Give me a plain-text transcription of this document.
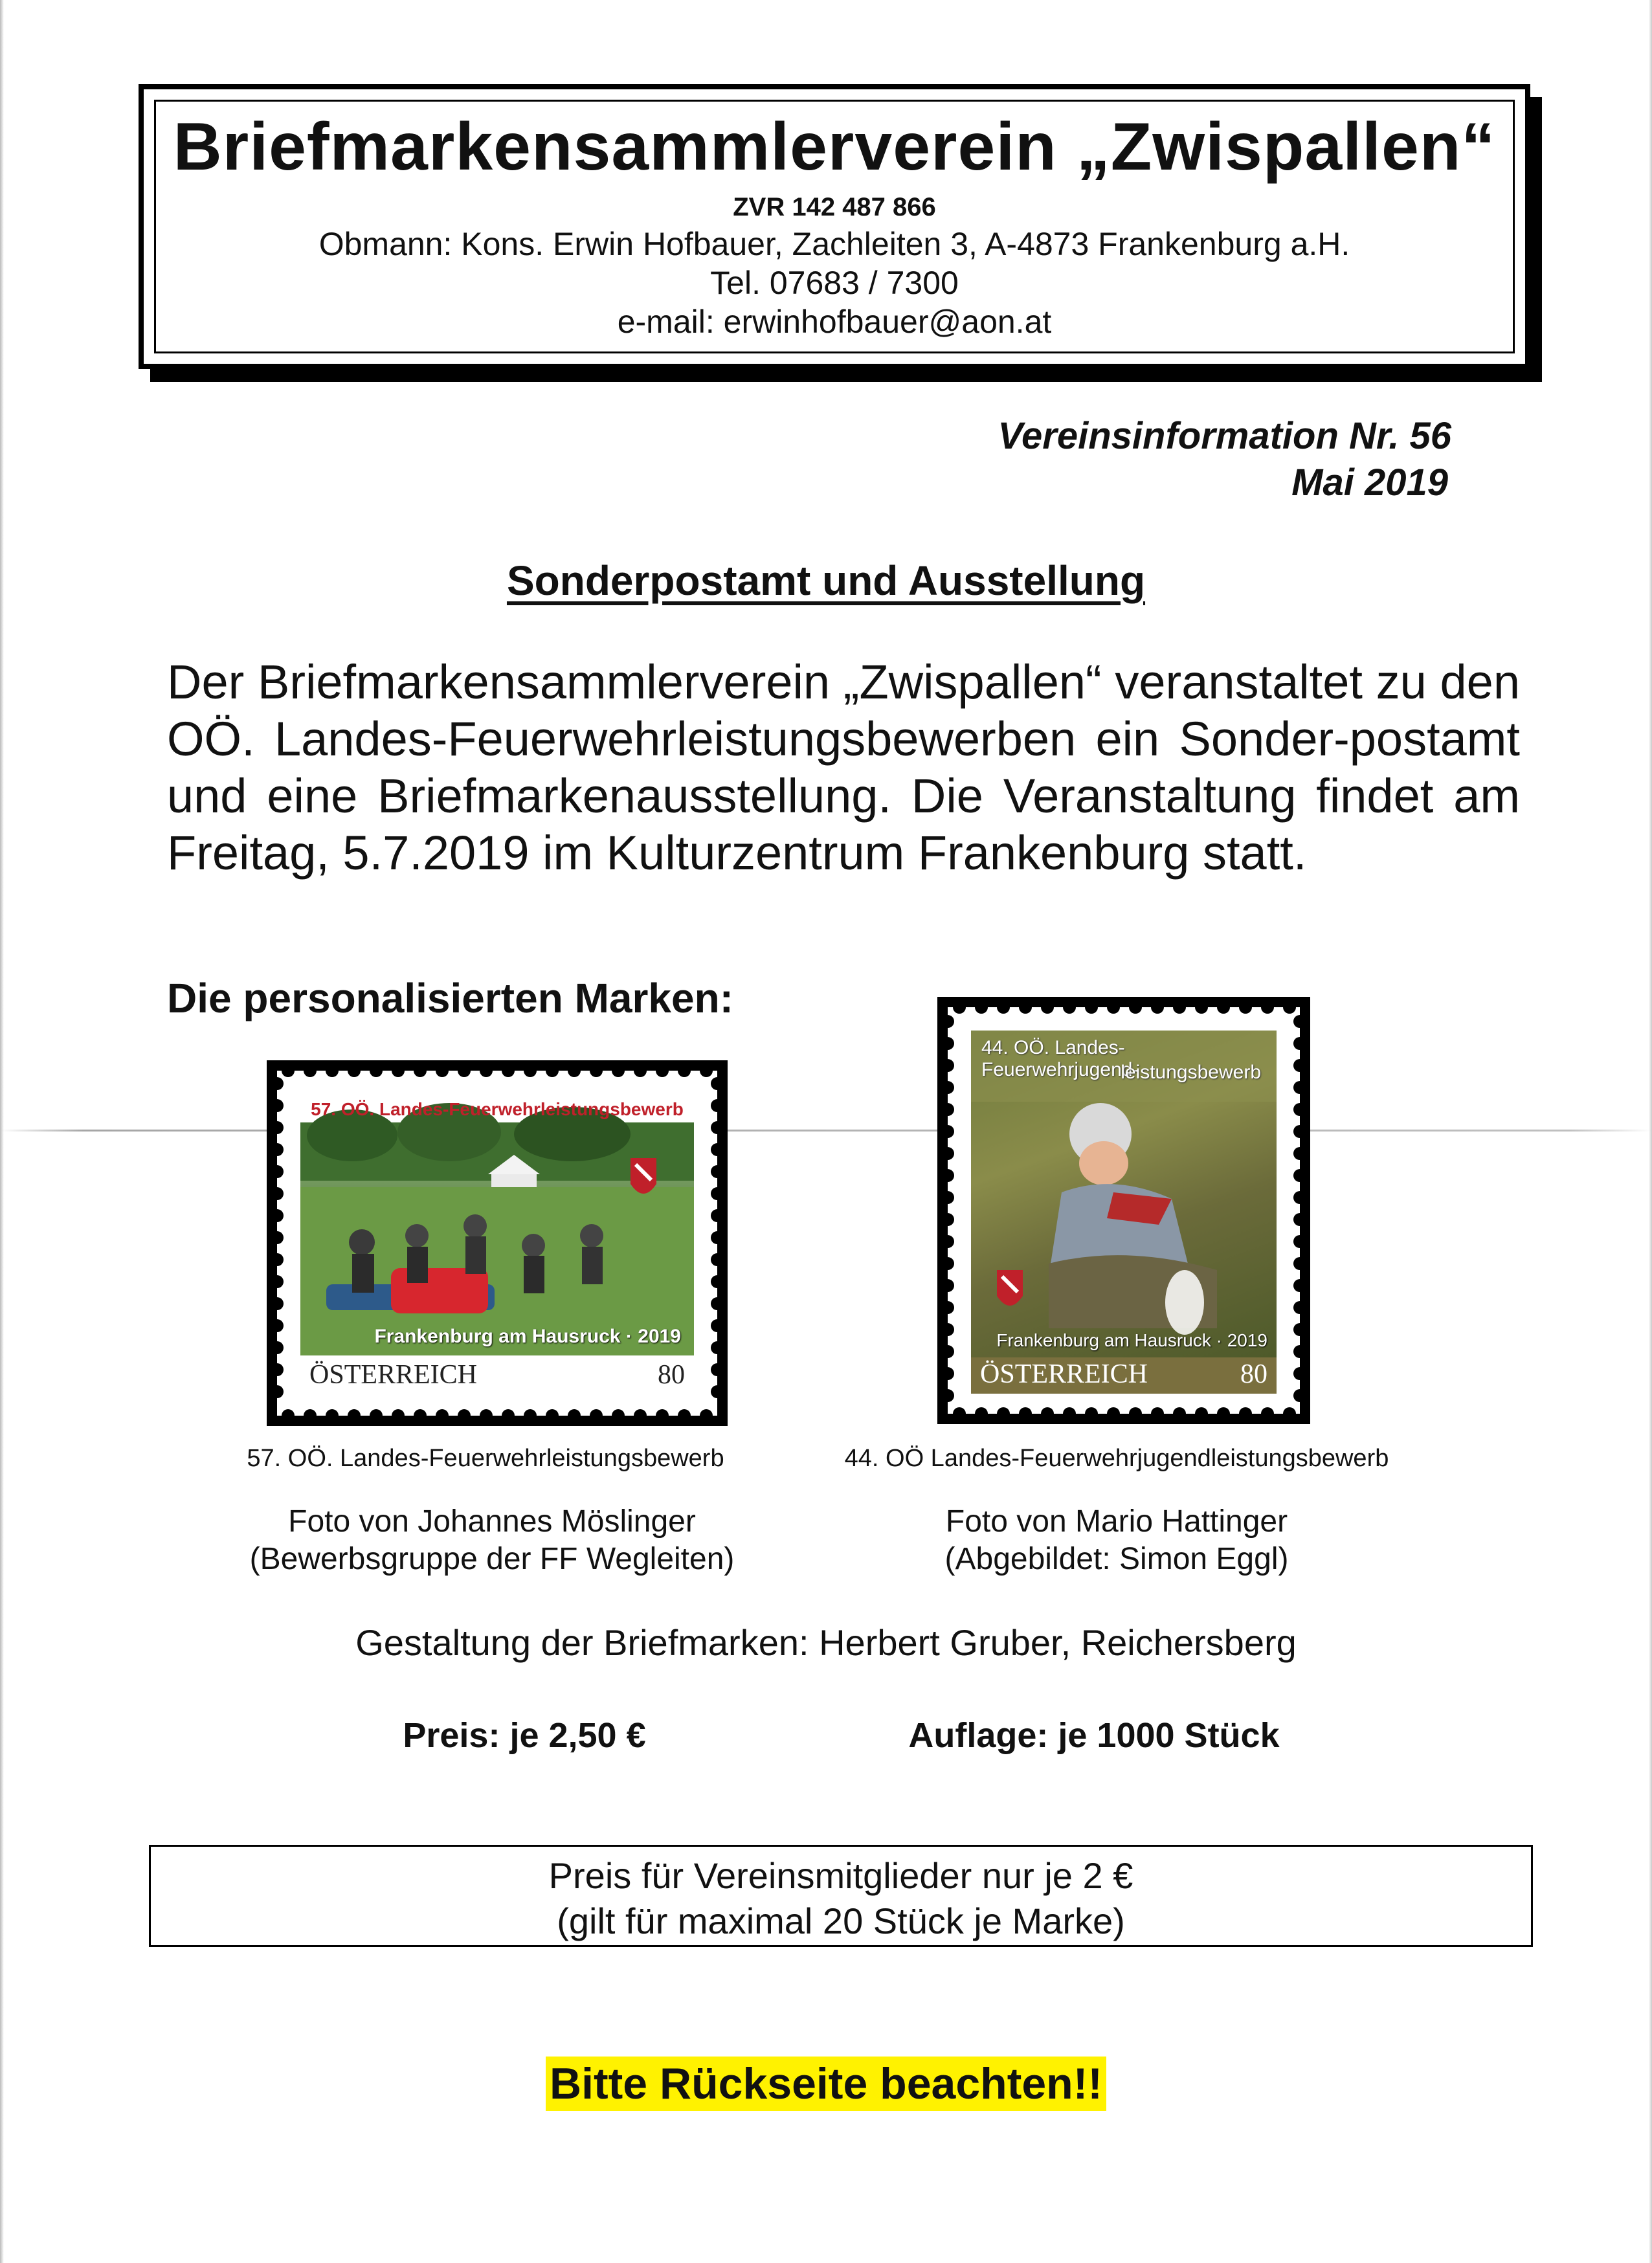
Briefmarkensammlerverein „Zwispallen“
ZVR 142 487 866
Obmann: Kons. Erwin Hofbauer, Zachleiten 3, A-4873 Frankenburg a.H.
Tel. 07683 / 7300
e-mail: erwinhofbauer@aon.at
Vereinsinformation Nr. 56
Mai 2019
Sonderpostamt und Ausstellung
Der Briefmarkensammlerverein „Zwispallen“ veranstaltet zu den OÖ. Landes-Feuerwehrleistungsbewerben ein Sonder-postamt und eine Briefmarkenausstellung. Die Veranstaltung findet am Freitag, 5.7.2019 im Kulturzentrum Frankenburg statt.
Die personalisierten Marken:
57. OÖ. Landes-Feuerwehrleistungsbewerb
Frankenburg am Hausruck · 2019
ÖSTERREICH	80
44. OÖ. Landes-Feuerwehrjugend-
leistungsbewerb
Frankenburg am Hausruck · 2019
ÖSTERREICH	80
57. OÖ. Landes-Feuerwehrleistungsbewerb	44. OÖ Landes-Feuerwehrjugendleistungsbewerb
Foto von Johannes Möslinger
(Bewerbsgruppe der FF Wegleiten)
Foto von Mario Hattinger
(Abgebildet: Simon Eggl)
Gestaltung der Briefmarken: Herbert Gruber, Reichersberg
Preis: je 2,50 €	Auflage: je 1000 Stück
Preis für Vereinsmitglieder nur je 2 €
(gilt für maximal 20 Stück je Marke)
Bitte Rückseite beachten!!
